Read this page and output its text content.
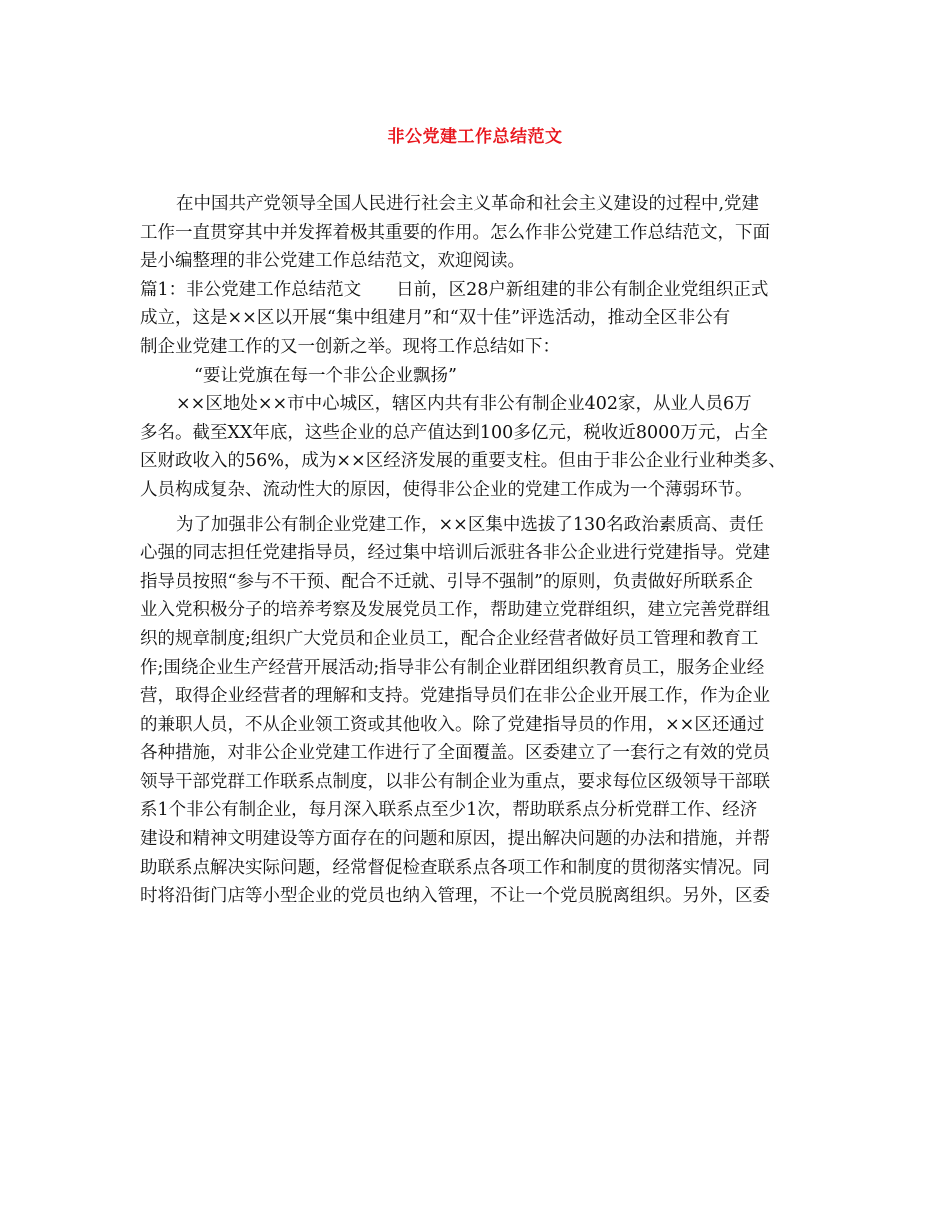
非公党建工作总结范文
在中国共产党领导全国人民进行社会主义革命和社会主义建设的过程中,党建
工作一直贯穿其中并发挥着极其重要的作用。怎么作非公党建工作总结范文，下面
是小编整理的非公党建工作总结范文，欢迎阅读。
篇1：非公党建工作总结范文　　日前，区28户新组建的非公有制企业党组织正式
成立，这是××区以开展“集中组建月”和“双十佳”评选活动，推动全区非公有
制企业党建工作的又一创新之举。现将工作总结如下：
“要让党旗在每一个非公企业飘扬”
××区地处××市中心城区，辖区内共有非公有制企业402家，从业人员6万
多名。截至XX年底，这些企业的总产值达到100多亿元，税收近8000万元，占全
区财政收入的56%，成为××区经济发展的重要支柱。但由于非公企业行业种类多、
人员构成复杂、流动性大的原因，使得非公企业的党建工作成为一个薄弱环节。
为了加强非公有制企业党建工作，××区集中选拔了130名政治素质高、责任
心强的同志担任党建指导员，经过集中培训后派驻各非公企业进行党建指导。党建
指导员按照“参与不干预、配合不迁就、引导不强制”的原则，负责做好所联系企
业入党积极分子的培养考察及发展党员工作，帮助建立党群组织，建立完善党群组
织的规章制度;组织广大党员和企业员工，配合企业经营者做好员工管理和教育工
作;围绕企业生产经营开展活动;指导非公有制企业群团组织教育员工，服务企业经
营，取得企业经营者的理解和支持。党建指导员们在非公企业开展工作，作为企业
的兼职人员，不从企业领工资或其他收入。除了党建指导员的作用，××区还通过
各种措施，对非公企业党建工作进行了全面覆盖。区委建立了一套行之有效的党员
领导干部党群工作联系点制度，以非公有制企业为重点，要求每位区级领导干部联
系1个非公有制企业，每月深入联系点至少1次，帮助联系点分析党群工作、经济
建设和精神文明建设等方面存在的问题和原因，提出解决问题的办法和措施，并帮
助联系点解决实际问题，经常督促检查联系点各项工作和制度的贯彻落实情况。同
时将沿街门店等小型企业的党员也纳入管理，不让一个党员脱离组织。另外，区委
